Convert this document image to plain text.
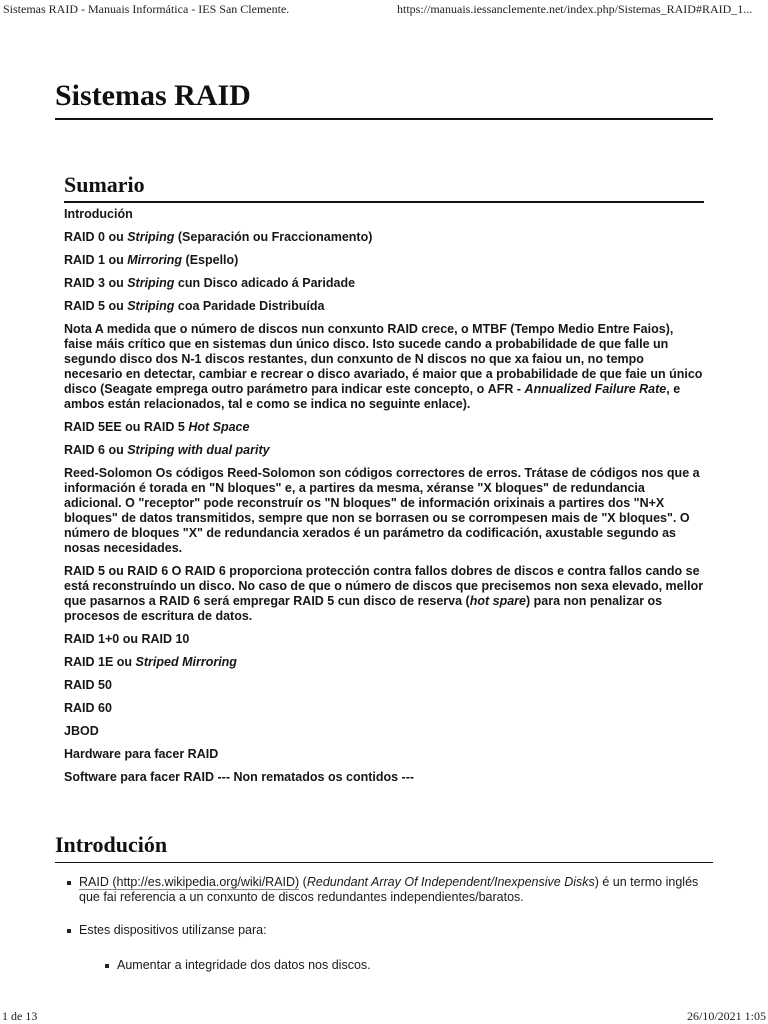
Sistemas RAID - Manuais Informática - IES San Clemente.	https://manuais.iessanclemente.net/index.php/Sistemas_RAID#RAID_1...
Sistemas RAID
Sumario
Introdución
RAID 0 ou Striping (Separación ou Fraccionamento)
RAID 1 ou Mirroring (Espello)
RAID 3 ou Striping cun Disco adicado á Paridade
RAID 5 ou Striping coa Paridade Distribuída
Nota A medida que o número de discos nun conxunto RAID crece, o MTBF (Tempo Medio Entre Faios), faise máis crítico que en sistemas dun único disco. Isto sucede cando a probabilidade de que falle un segundo disco dos N-1 discos restantes, dun conxunto de N discos no que xa faiou un, no tempo necesario en detectar, cambiar e recrear o disco avariado, é maior que a probabilidade de que faie un único disco (Seagate emprega outro parámetro para indicar este concepto, o AFR - Annualized Failure Rate, e ambos están relacionados, tal e como se indica no seguinte enlace).
RAID 5EE ou RAID 5 Hot Space
RAID 6 ou Striping with dual parity
Reed-Solomon Os códigos Reed-Solomon son códigos correctores de erros. Trátase de códigos nos que a información é torada en "N bloques" e, a partires da mesma, xéranse "X bloques" de redundancia adicional. O "receptor" pode reconstruír os "N bloques" de información orixinais a partires dos "N+X bloques" de datos transmitidos, sempre que non se borrasen ou se corrompesen mais de "X bloques". O número de bloques "X" de redundancia xerados é un parámetro da codificación, axustable segundo as nosas necesidades.
RAID 5 ou RAID 6 O RAID 6 proporciona protección contra fallos dobres de discos e contra fallos cando se está reconstruíndo un disco. No caso de que o número de discos que precisemos non sexa elevado, mellor que pasarnos a RAID 6 será empregar RAID 5 cun disco de reserva (hot spare) para non penalizar os procesos de escritura de datos.
RAID 1+0 ou RAID 10
RAID 1E ou Striped Mirroring
RAID 50
RAID 60
JBOD
Hardware para facer RAID
Software para facer RAID --- Non rematados os contidos ---
Introdución
RAID (http://es.wikipedia.org/wiki/RAID) (Redundant Array Of Independent/Inexpensive Disks) é un termo inglés que fai referencia a un conxunto de discos redundantes independientes/baratos.
Estes dispositivos utilízanse para:
Aumentar a integridade dos datos nos discos.
1 de 13	26/10/2021 1:05
